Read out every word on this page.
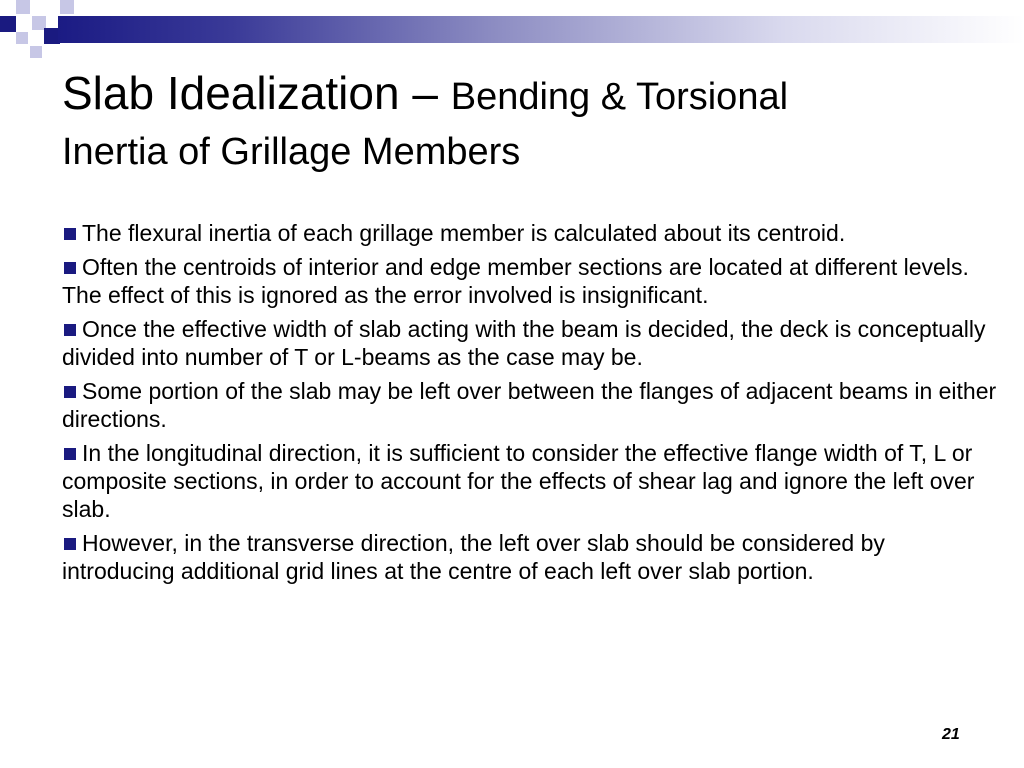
Slab Idealization – Bending & Torsional
Inertia of Grillage Members
The flexural inertia of each grillage member is calculated about its centroid.
Often the centroids of interior and edge member sections are located at different levels. The effect of this is ignored as the error involved is insignificant.
Once the effective width of slab acting with the beam is decided, the deck is conceptually divided into number of T or L-beams as the case may be.
Some portion of the slab may be left over between the flanges of adjacent beams in either directions.
In the longitudinal direction, it is sufficient to consider the effective flange width of T, L or composite sections, in order to account for the effects of shear lag and ignore the left over slab.
However, in the transverse direction, the left over slab should be considered by introducing additional grid lines at the centre of each left over slab portion.
21
